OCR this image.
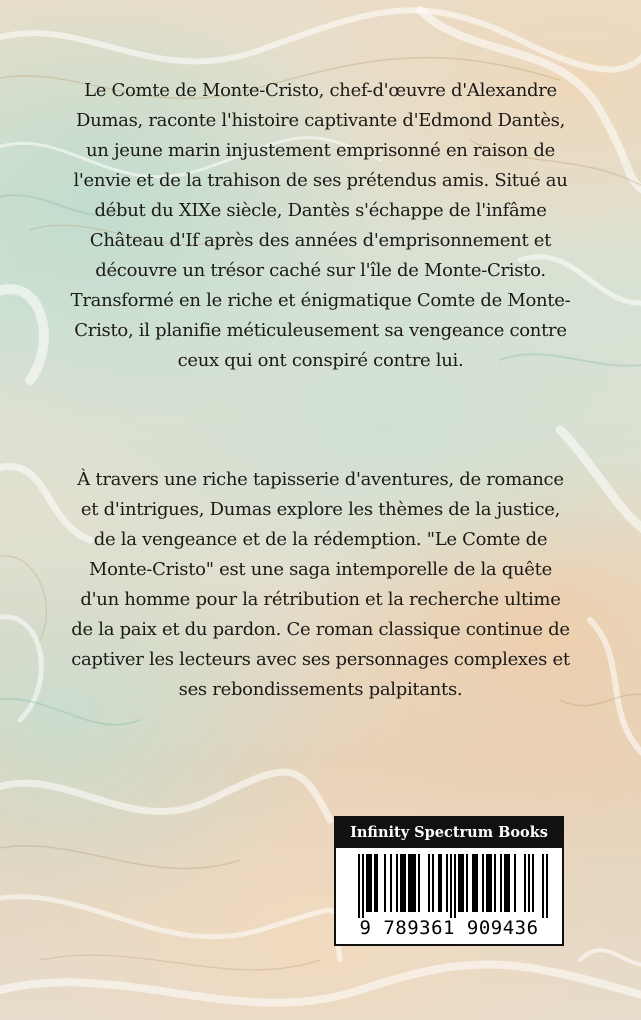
Le Comte de Monte-Cristo, chef-d'œuvre d'Alexandre Dumas, raconte l'histoire captivante d'Edmond Dantès, un jeune marin injustement emprisonné en raison de l'envie et de la trahison de ses prétendus amis. Situé au début du XIXe siècle, Dantès s'échappe de l'infâme Château d'If après des années d'emprisonnement et découvre un trésor caché sur l'île de Monte-Cristo. Transformé en le riche et énigmatique Comte de Monte-Cristo, il planifie méticuleusement sa vengeance contre ceux qui ont conspiré contre lui.

À travers une riche tapisserie d'aventures, de romance et d'intrigues, Dumas explore les thèmes de la justice, de la vengeance et de la rédemption. "Le Comte de Monte-Cristo" est une saga intemporelle de la quête d'un homme pour la rétribution et la recherche ultime de la paix et du pardon. Ce roman classique continue de captiver les lecteurs avec ses personnages complexes et ses rebondissements palpitants.

Infinity Spectrum Books
9 789361 909436
